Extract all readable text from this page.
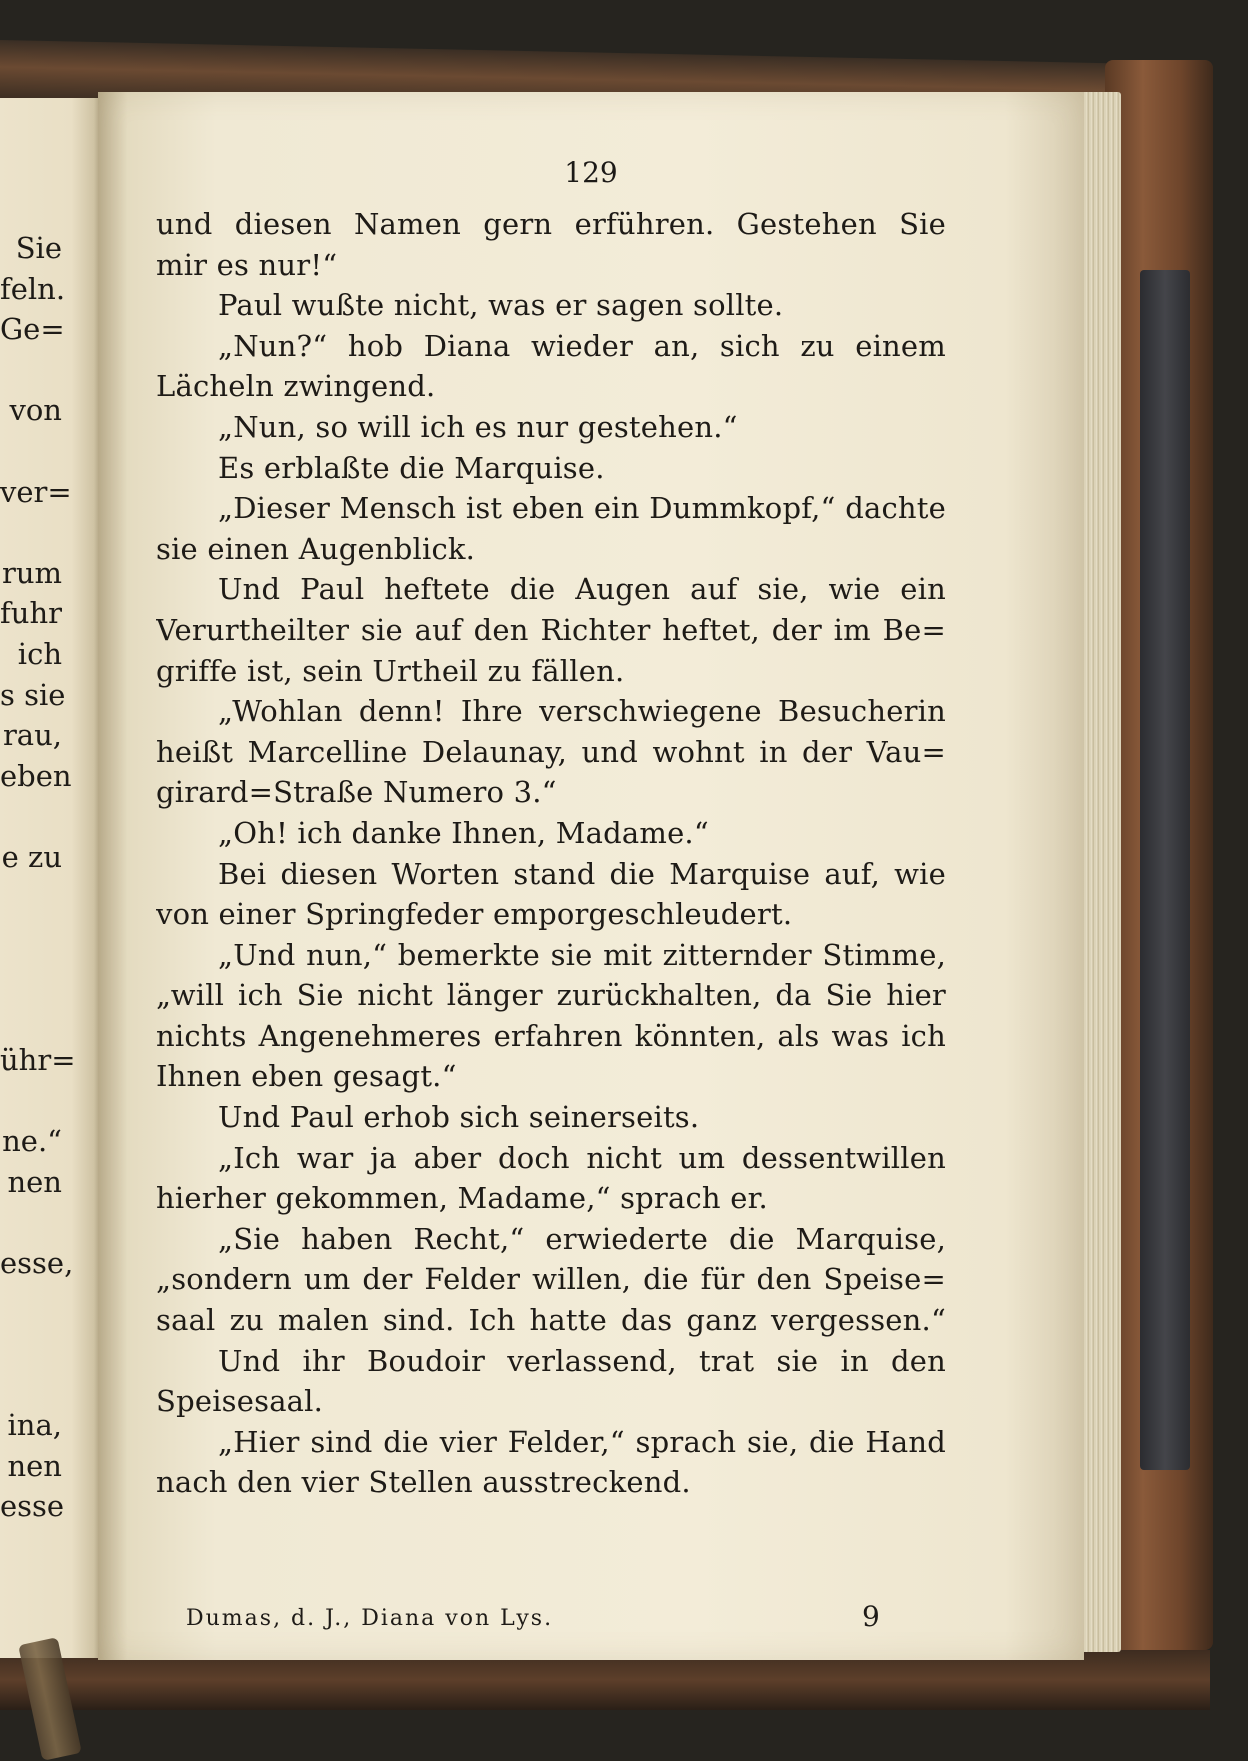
Sie
feln.
Ge=
von
ver=
rum
fuhr
ich
s sie
rau,
eben
e zu
ühr=
ne.“
nen
esse,
ina,
nen
esse
129
und diesen Namen gern erführen. Gestehen Sie
mir es nur!“
Paul wußte nicht, was er sagen sollte.
„Nun?“ hob Diana wieder an, sich zu einem
Lächeln zwingend.
„Nun, so will ich es nur gestehen.“
Es erblaßte die Marquise.
„Dieser Mensch ist eben ein Dummkopf,“ dachte
sie einen Augenblick.
Und Paul heftete die Augen auf sie, wie ein
Verurtheilter sie auf den Richter heftet, der im Be=
griffe ist, sein Urtheil zu fällen.
„Wohlan denn! Ihre verschwiegene Besucherin
heißt Marcelline Delaunay, und wohnt in der Vau=
girard=Straße Numero 3.“
„Oh! ich danke Ihnen, Madame.“
Bei diesen Worten stand die Marquise auf, wie
von einer Springfeder emporgeschleudert.
„Und nun,“ bemerkte sie mit zitternder Stimme,
„will ich Sie nicht länger zurückhalten, da Sie hier
nichts Angenehmeres erfahren könnten, als was ich
Ihnen eben gesagt.“
Und Paul erhob sich seinerseits.
„Ich war ja aber doch nicht um dessentwillen
hierher gekommen, Madame,“ sprach er.
„Sie haben Recht,“ erwiederte die Marquise,
„sondern um der Felder willen, die für den Speise=
saal zu malen sind. Ich hatte das ganz vergessen.“
Und ihr Boudoir verlassend, trat sie in den
Speisesaal.
„Hier sind die vier Felder,“ sprach sie, die Hand
nach den vier Stellen ausstreckend.
Dumas, d. J., Diana von Lys.	9
